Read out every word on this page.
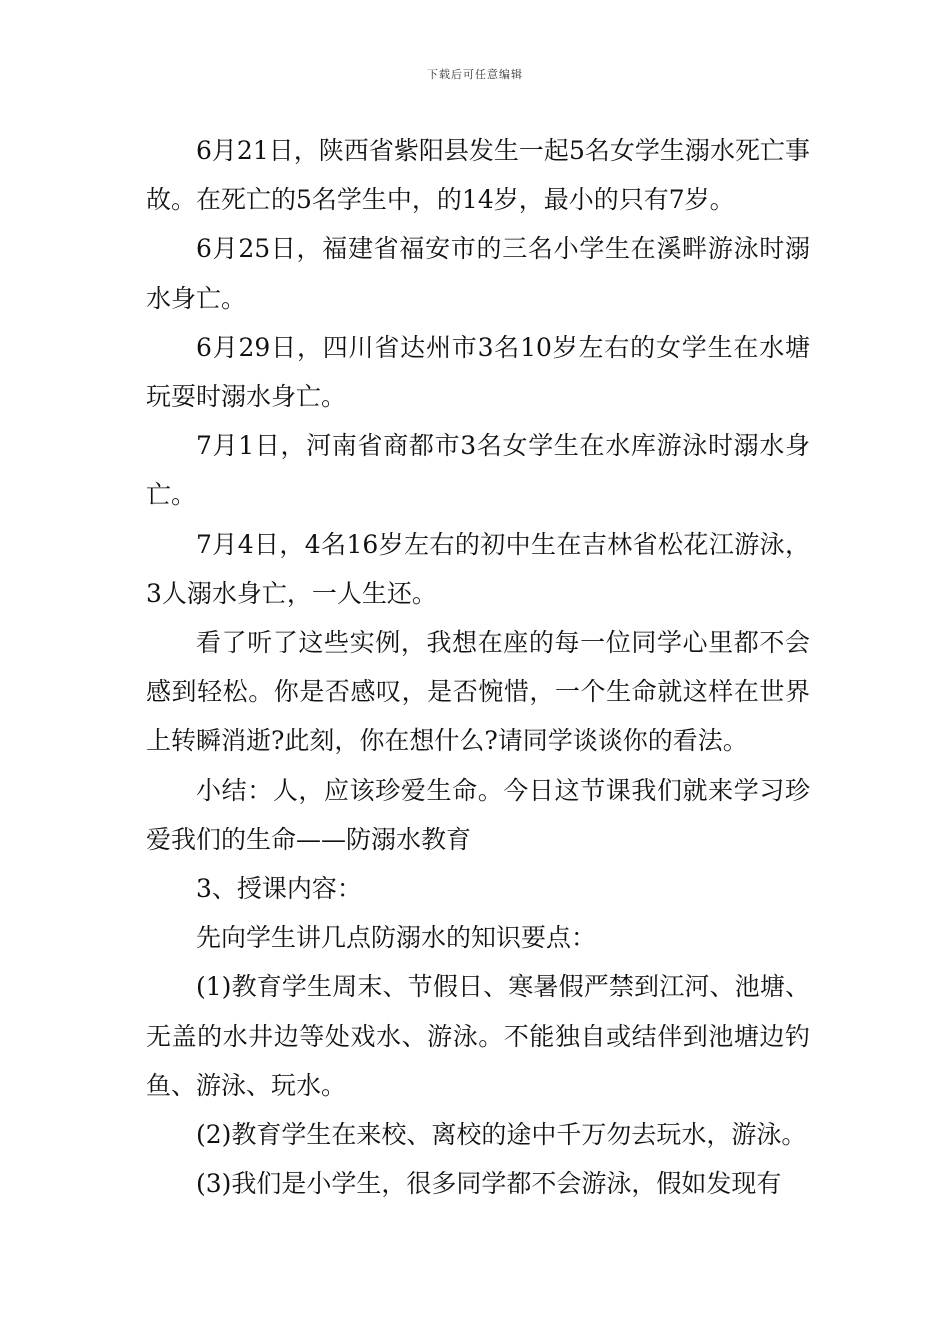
下载后可任意编辑

6月21日，陕西省紫阳县发生一起5名女学生溺水死亡事故。在死亡的5名学生中，的14岁，最小的只有7岁。

6月25日，福建省福安市的三名小学生在溪畔游泳时溺水身亡。

6月29日，四川省达州市3名10岁左右的女学生在水塘玩耍时溺水身亡。

7月1日，河南省商都市3名女学生在水库游泳时溺水身亡。

7月4日，4名16岁左右的初中生在吉林省松花江游泳，3人溺水身亡，一人生还。

看了听了这些实例，我想在座的每一位同学心里都不会感到轻松。你是否感叹，是否惋惜，一个生命就这样在世界上转瞬消逝?此刻，你在想什么?请同学谈谈你的看法。

小结：人，应该珍爱生命。今日这节课我们就来学习珍爱我们的生命——防溺水教育

3、授课内容：

先向学生讲几点防溺水的知识要点：

(1)教育学生周末、节假日、寒暑假严禁到江河、池塘、无盖的水井边等处戏水、游泳。不能独自或结伴到池塘边钓鱼、游泳、玩水。

(2)教育学生在来校、离校的途中千万勿去玩水，游泳。

(3)我们是小学生，很多同学都不会游泳，假如发现有
